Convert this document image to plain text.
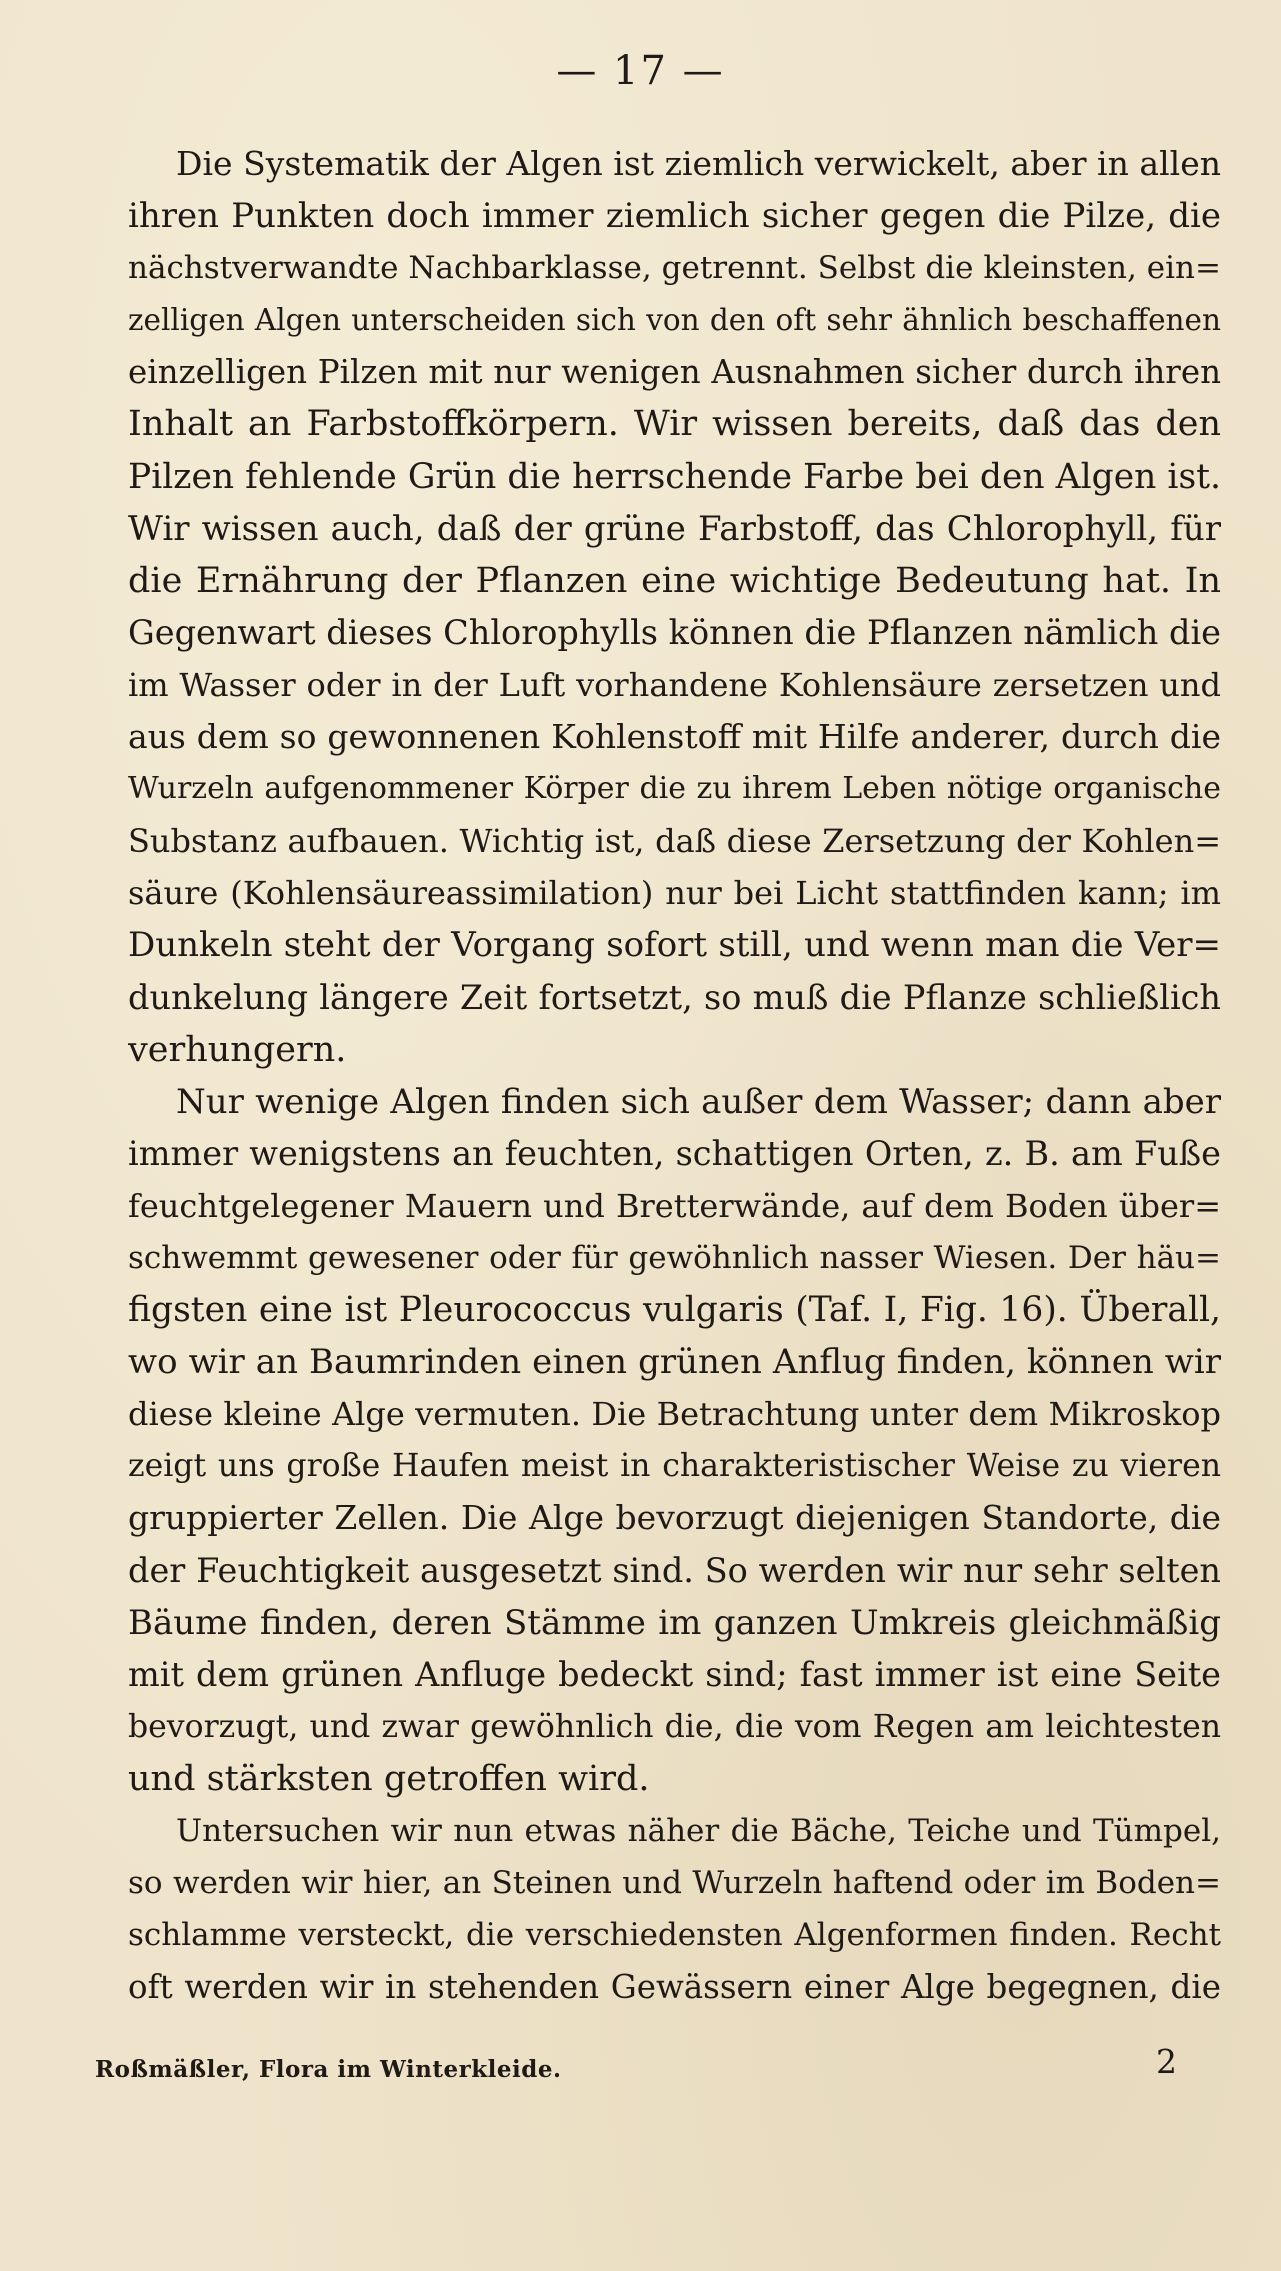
— 17 —
Die Systematik der Algen ist ziemlich verwickelt, aber in allen
ihren Punkten doch immer ziemlich sicher gegen die Pilze, die
nächstverwandte Nachbarklasse, getrennt. Selbst die kleinsten, ein=
zelligen Algen unterscheiden sich von den oft sehr ähnlich beschaffenen
einzelligen Pilzen mit nur wenigen Ausnahmen sicher durch ihren
Inhalt an Farbstoffkörpern. Wir wissen bereits, daß das den
Pilzen fehlende Grün die herrschende Farbe bei den Algen ist.
Wir wissen auch, daß der grüne Farbstoff, das Chlorophyll, für
die Ernährung der Pflanzen eine wichtige Bedeutung hat. In
Gegenwart dieses Chlorophylls können die Pflanzen nämlich die
im Wasser oder in der Luft vorhandene Kohlensäure zersetzen und
aus dem so gewonnenen Kohlenstoff mit Hilfe anderer, durch die
Wurzeln aufgenommener Körper die zu ihrem Leben nötige organische
Substanz aufbauen. Wichtig ist, daß diese Zersetzung der Kohlen=
säure (Kohlensäureassimilation) nur bei Licht stattfinden kann; im
Dunkeln steht der Vorgang sofort still, und wenn man die Ver=
dunkelung längere Zeit fortsetzt, so muß die Pflanze schließlich
verhungern.
Nur wenige Algen finden sich außer dem Wasser; dann aber
immer wenigstens an feuchten, schattigen Orten, z. B. am Fuße
feuchtgelegener Mauern und Bretterwände, auf dem Boden über=
schwemmt gewesener oder für gewöhnlich nasser Wiesen. Der häu=
figsten eine ist Pleurococcus vulgaris (Taf. I, Fig. 16). Überall,
wo wir an Baumrinden einen grünen Anflug finden, können wir
diese kleine Alge vermuten. Die Betrachtung unter dem Mikroskop
zeigt uns große Haufen meist in charakteristischer Weise zu vieren
gruppierter Zellen. Die Alge bevorzugt diejenigen Standorte, die
der Feuchtigkeit ausgesetzt sind. So werden wir nur sehr selten
Bäume finden, deren Stämme im ganzen Umkreis gleichmäßig
mit dem grünen Anfluge bedeckt sind; fast immer ist eine Seite
bevorzugt, und zwar gewöhnlich die, die vom Regen am leichtesten
und stärksten getroffen wird.
Untersuchen wir nun etwas näher die Bäche, Teiche und Tümpel,
so werden wir hier, an Steinen und Wurzeln haftend oder im Boden=
schlamme versteckt, die verschiedensten Algenformen finden. Recht
oft werden wir in stehenden Gewässern einer Alge begegnen, die
Roßmäßler, Flora im Winterkleide.	2
